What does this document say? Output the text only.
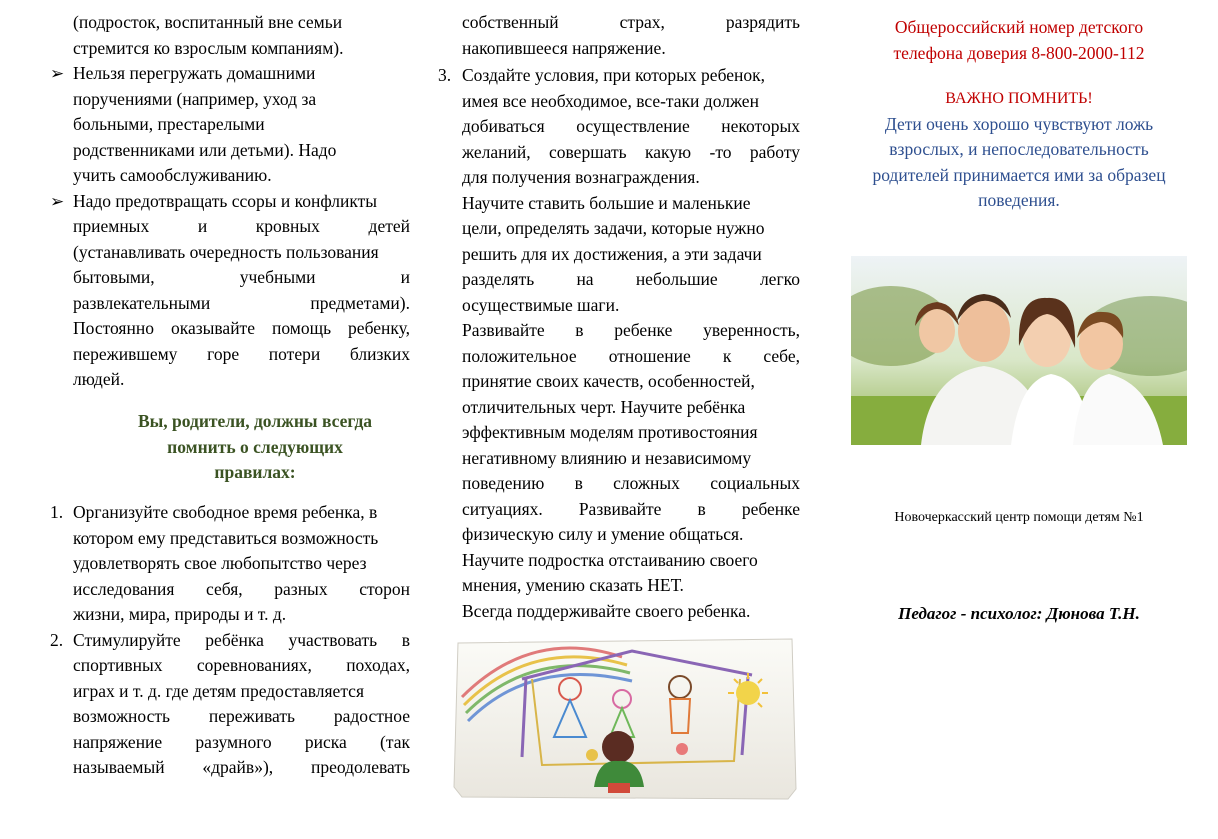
(подросток, воспитанный вне семьи
стремится ко взрослым компаниям).
➢ Нельзя перегружать домашними
поручениями (например, уход за
больными, престарелыми
родственниками или детьми). Надо
учить самообслуживанию.
➢ Надо предотвращать ссоры и конфликты
приемных	и	кровных	детей
(устанавливать очередность пользования
бытовыми,	учебными	и
развлекательными	предметами).
Постоянно оказывайте помощь ребенку,
пережившему горе потери близких
людей.
Вы, родители, должны всегда
помнить о следующих
правилах:
1. Организуйте свободное время ребенка, в
котором ему представиться возможность
удовлетворять свое любопытство через
исследования себя, разных сторон
жизни, мира, природы и т. д.
2. Стимулируйте ребёнка участвовать в
спортивных соревнованиях, походах,
играх и т. д. где детям предоставляется
возможность переживать радостное
напряжение разумного риска (так
называемый «драйв»), преодолевать
собственный	страх,	разрядить
накопившееся напряжение.
3. Создайте условия, при которых ребенок,
имея все необходимое, все-таки должен
добиваться осуществление некоторых
желаний, совершать какую -то работу
для получения вознаграждения.
Научите ставить большие и маленькие
цели, определять задачи, которые нужно
решить для их достижения, а эти задачи
разделять на небольшие легко
осуществимые шаги.
Развивайте в ребенке уверенность,
положительное отношение к себе,
принятие своих качеств, особенностей,
отличительных черт. Научите ребёнка
эффективным моделям противостояния
негативному влиянию и независимому
поведению в сложных социальных
ситуациях. Развивайте в ребенке
физическую силу и умение общаться.
Научите подростка отстаиванию своего
мнения, умению сказать НЕТ.
Всегда поддерживайте своего ребенка.
Общероссийский номер детского
телефона доверия 8-800-2000-112
ВАЖНО ПОМНИТЬ!
Дети очень хорошо чувствуют ложь
взрослых, и непоследовательность
родителей принимается ими за образец
поведения.
Новочеркасский центр помощи детям №1
Педагог - психолог: Дюнова Т.Н.
